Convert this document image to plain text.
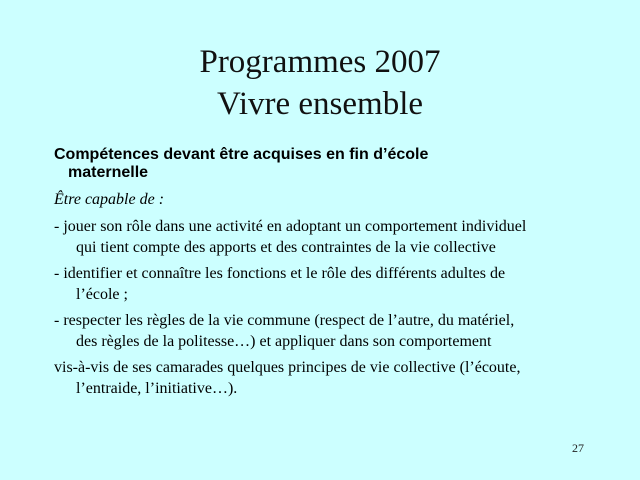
Programmes 2007
Vivre ensemble
Compétences devant être acquises en fin d’école
maternelle
Être capable de :
- jouer son rôle dans une activité en adoptant un comportement individuel
qui tient compte des apports et des contraintes de la vie collective
- identifier et connaître les fonctions et le rôle des différents adultes de
l’école ;
- respecter les règles de la vie commune (respect de l’autre, du matériel,
des règles de la politesse…) et appliquer dans son comportement
vis-à-vis de ses camarades quelques principes de vie collective (l’écoute,
l’entraide, l’initiative…).
27
